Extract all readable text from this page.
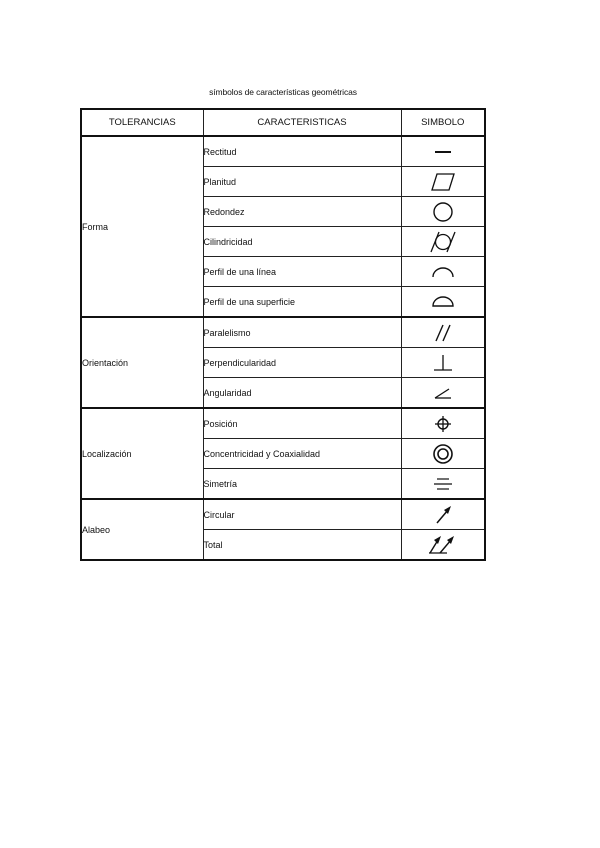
símbolos de características geométricas
TOLERANCIAS	CARACTERISTICAS	SIMBOLO
Forma	Rectitud	

	Planitud	

	Redondez	

	Cilindricidad	

	Perfil de una línea	

	Perfil de una superficie	

Orientación	Paralelismo	

	Perpendicularidad	

	Angularidad	

Localización	Posición	

	Concentricidad y Coaxialidad	

	Simetría	

Alabeo	Circular	

	Total	
